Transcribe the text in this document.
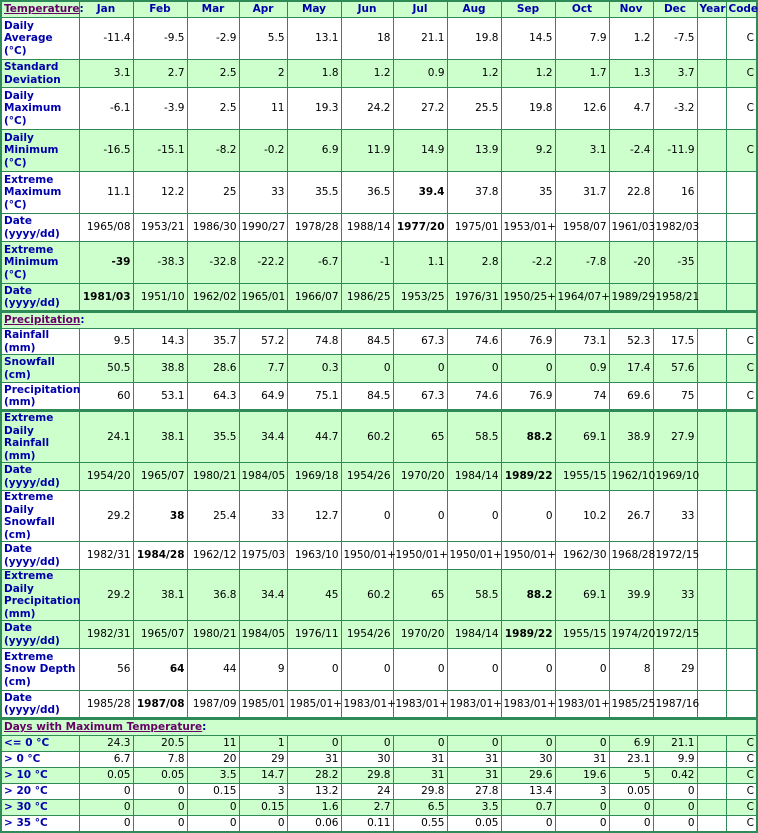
Temperature:	Jan	Feb	Mar	Apr	May	Jun	Jul	Aug	Sep	Oct	Nov	Dec	Year	Code
Daily Average (°C)	-11.4	-9.5	-2.9	5.5	13.1	18	21.1	19.8	14.5	7.9	1.2	-7.5		C
Standard Deviation	3.1	2.7	2.5	2	1.8	1.2	0.9	1.2	1.2	1.7	1.3	3.7		C
Daily Maximum (°C)	-6.1	-3.9	2.5	11	19.3	24.2	27.2	25.5	19.8	12.6	4.7	-3.2		C
Daily Minimum (°C)	-16.5	-15.1	-8.2	-0.2	6.9	11.9	14.9	13.9	9.2	3.1	-2.4	-11.9		C
Extreme Maximum (°C)	11.1	12.2	25	33	35.5	36.5	39.4	37.8	35	31.7	22.8	16		
Date (yyyy/dd)	1965/08	1953/21	1986/30	1990/27	1978/28	1988/14	1977/20	1975/01	1953/01+	1958/07	1961/03	1982/03		
Extreme Minimum (°C)	-39	-38.3	-32.8	-22.2	-6.7	-1	1.1	2.8	-2.2	-7.8	-20	-35		
Date (yyyy/dd)	1981/03	1951/10	1962/02	1965/01	1966/07	1986/25	1953/25	1976/31	1950/25+	1964/07+	1989/29	1958/21		
Precipitation:														
Rainfall (mm)	9.5	14.3	35.7	57.2	74.8	84.5	67.3	74.6	76.9	73.1	52.3	17.5		C
Snowfall (cm)	50.5	38.8	28.6	7.7	0.3	0	0	0	0	0.9	17.4	57.6		C
Precipitation (mm)	60	53.1	64.3	64.9	75.1	84.5	67.3	74.6	76.9	74	69.6	75		C
Extreme Daily Rainfall (mm)	24.1	38.1	35.5	34.4	44.7	60.2	65	58.5	88.2	69.1	38.9	27.9		
Date (yyyy/dd)	1954/20	1965/07	1980/21	1984/05	1969/18	1954/26	1970/20	1984/14	1989/22	1955/15	1962/10	1969/10		
Extreme Daily Snowfall (cm)	29.2	38	25.4	33	12.7	0	0	0	0	10.2	26.7	33		
Date (yyyy/dd)	1982/31	1984/28	1962/12	1975/03	1963/10	1950/01+	1950/01+	1950/01+	1950/01+	1962/30	1968/28	1972/15		
Extreme Daily Precipitation (mm)	29.2	38.1	36.8	34.4	45	60.2	65	58.5	88.2	69.1	39.9	33		
Date (yyyy/dd)	1982/31	1965/07	1980/21	1984/05	1976/11	1954/26	1970/20	1984/14	1989/22	1955/15	1974/20	1972/15		
Extreme Snow Depth (cm)	56	64	44	9	0	0	0	0	0	0	8	29		
Date (yyyy/dd)	1985/28	1987/08	1987/09	1985/01	1985/01+	1983/01+	1983/01+	1983/01+	1983/01+	1983/01+	1985/25	1987/16		
Days with Maximum Temperature:														
<= 0 °C	24.3	20.5	11	1	0	0	0	0	0	0	6.9	21.1		C
> 0 °C	6.7	7.8	20	29	31	30	31	31	30	31	23.1	9.9		C
> 10 °C	0.05	0.05	3.5	14.7	28.2	29.8	31	31	29.6	19.6	5	0.42		C
> 20 °C	0	0	0.15	3	13.2	24	29.8	27.8	13.4	3	0.05	0		C
> 30 °C	0	0	0	0.15	1.6	2.7	6.5	3.5	0.7	0	0	0		C
> 35 °C	0	0	0	0	0.06	0.11	0.55	0.05	0	0	0	0		C
